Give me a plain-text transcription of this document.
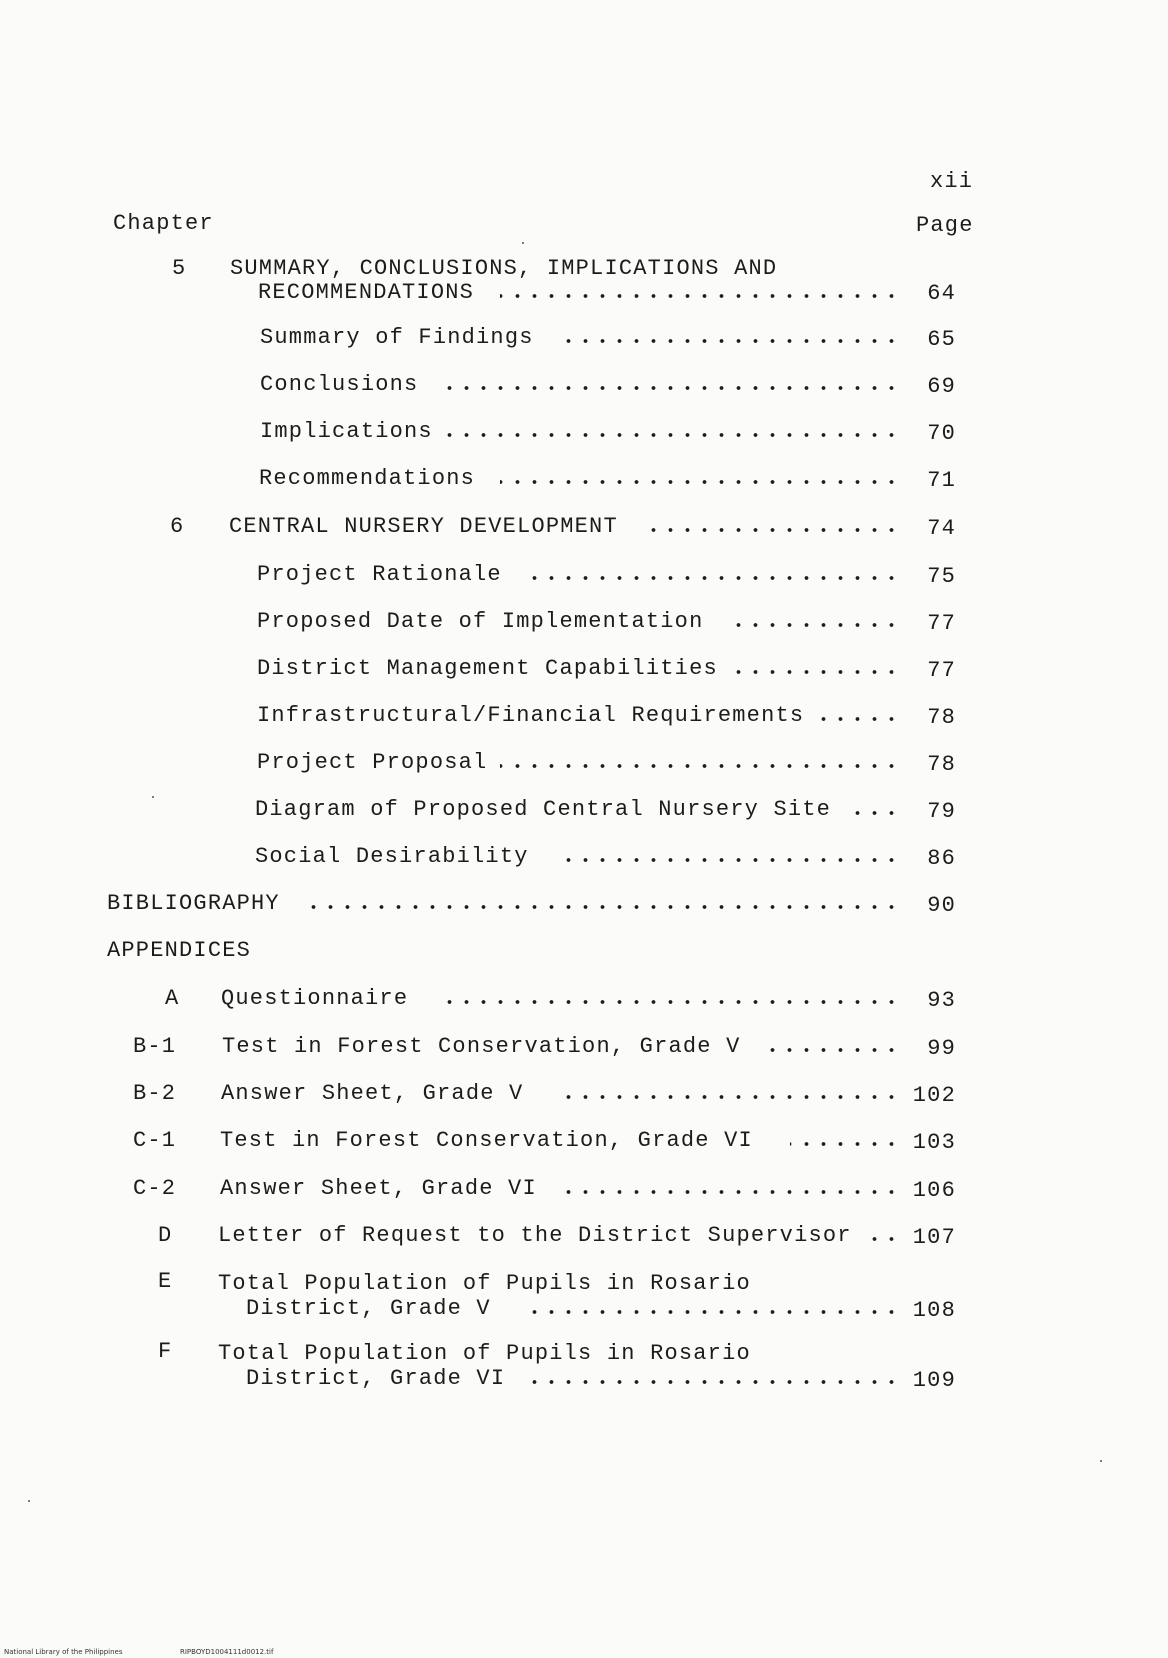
xii
Chapter	Page
5 SUMMARY, CONCLUSIONS, IMPLICATIONS AND
RECOMMENDATIONS	64
Summary of Findings	65
Conclusions	69
Implications	70
Recommendations	71
6 CENTRAL NURSERY DEVELOPMENT	74
Project Rationale	75
Proposed Date of Implementation	77
District Management Capabilities	77
Infrastructural/Financial Requirements	78
Project Proposal	78
Diagram of Proposed Central Nursery Site	79
Social Desirability	86
BIBLIOGRAPHY	90
APPENDICES
A Questionnaire	93
B-1 Test in Forest Conservation, Grade V	99
B-2 Answer Sheet, Grade V	102
C-1 Test in Forest Conservation, Grade VI	103
C-2 Answer Sheet, Grade VI	106
D Letter of Request to the District Supervisor	107
E Total Population of Pupils in Rosario
District, Grade V	108
F Total Population of Pupils in Rosario
District, Grade VI	109
National Library of the Philippines	RIPBOYD1004111d0012.tif
